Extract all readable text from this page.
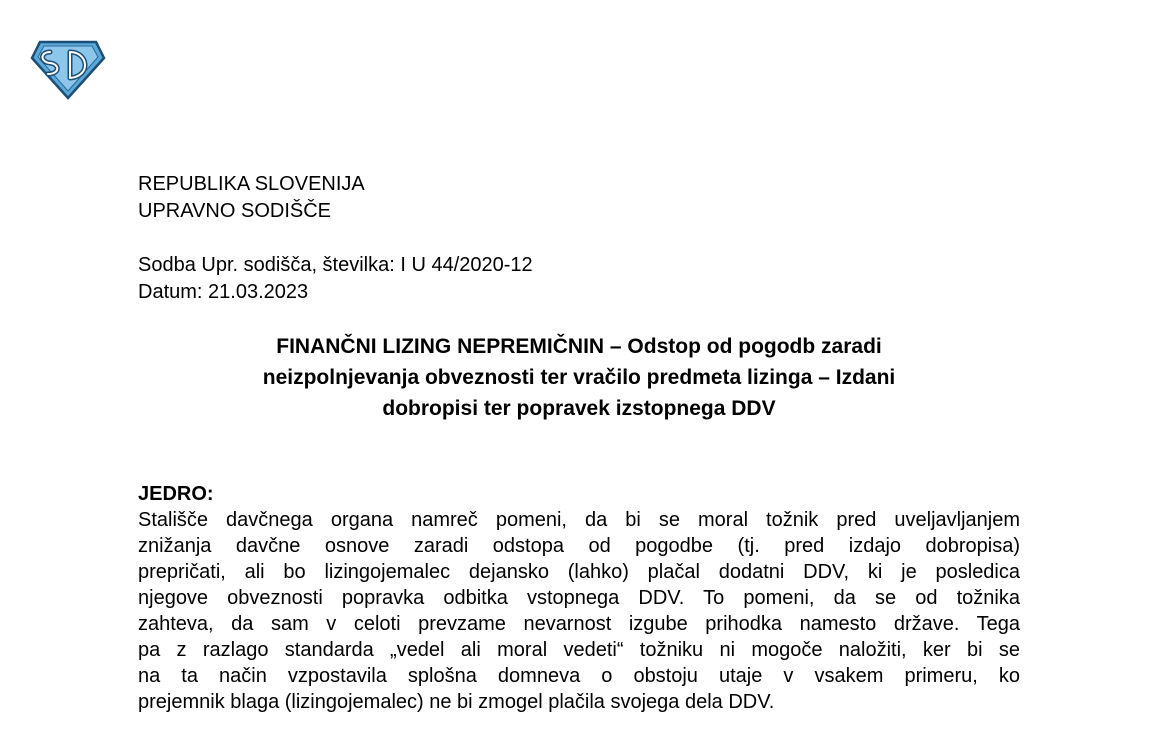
REPUBLIKA SLOVENIJA
UPRAVNO SODIŠČE
Sodba Upr. sodišča, številka: I U 44/2020-12
Datum: 21.03.2023
FINANČNI LIZING NEPREMIČNIN – Odstop od pogodb zaradi
neizpolnjevanja obveznosti ter vračilo predmeta lizinga – Izdani
dobropisi ter popravek izstopnega DDV
JEDRO:
Stališče davčnega organa namreč pomeni, da bi se moral tožnik pred uveljavljanjem
znižanja davčne osnove zaradi odstopa od pogodbe (tj. pred izdajo dobropisa)
prepričati, ali bo lizingojemalec dejansko (lahko) plačal dodatni DDV, ki je posledica
njegove obveznosti popravka odbitka vstopnega DDV. To pomeni, da se od tožnika
zahteva, da sam v celoti prevzame nevarnost izgube prihodka namesto države. Tega
pa z razlago standarda „vedel ali moral vedeti“ tožniku ni mogoče naložiti, ker bi se
na ta način vzpostavila splošna domneva o obstoju utaje v vsakem primeru, ko
prejemnik blaga (lizingojemalec) ne bi zmogel plačila svojega dela DDV.
